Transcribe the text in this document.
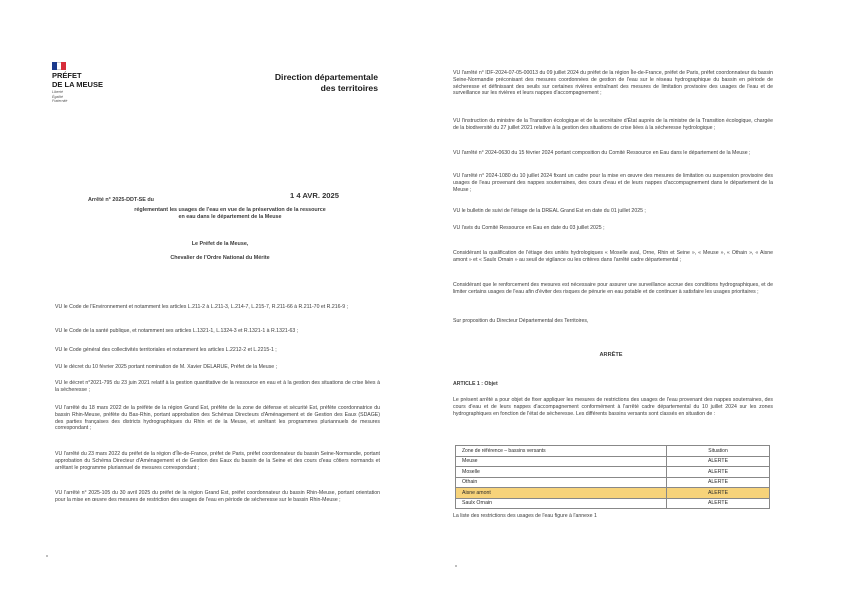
PRÉFET
DE LA MEUSE
Liberté
Égalité
Fraternité
Direction départementale
des territoires
Arrêté n° 2025-DDT-SE du	1 4 AVR. 2025
réglementant les usages de l'eau en vue de la préservation de la ressource
en eau dans le département de la Meuse
Le Préfet de la Meuse,
Chevalier de l'Ordre National du Mérite
VU le Code de l'Environnement et notamment les articles L.211-2 à L.211-3, L.214-7, L.215-7, R.211-66 à R.211-70 et R.216-9 ;
VU le Code de la santé publique, et notamment ses articles L.1321-1, L.1324-3 et R.1321-1 à R.1321-63 ;
VU le Code général des collectivités territoriales et notamment les articles L.2212-2 et L.2215-1 ;
VU le décret du 10 février 2025 portant nomination de M. Xavier DELARUE, Préfet de la Meuse ;
VU le décret n°2021-795 du 23 juin 2021 relatif à la gestion quantitative de la ressource en eau et à la gestion des situations de crise liées à la sécheresse ;
VU l'arrêté du 18 mars 2022 de la préfète de la région Grand Est, préfète de la zone de défense et sécurité Est, préfète coordonnatrice du bassin Rhin-Meuse, préfète du Bas-Rhin, portant approbation des Schémas Directeurs d'Aménagement et de Gestion des Eaux (SDAGE) des parties françaises des districts hydrographiques du Rhin et de la Meuse, et arrêtant les programmes pluriannuels de mesures correspondant ;
VU l'arrêté du 23 mars 2022 du préfet de la région d'Île-de-France, préfet de Paris, préfet coordonnateur du bassin Seine-Normandie, portant approbation du Schéma Directeur d'Aménagement et de Gestion des Eaux du bassin de la Seine et des cours d'eau côtiers normands et arrêtant le programme pluriannuel de mesures correspondant ;
VU l'arrêté n° 2025-105 du 30 avril 2025 du préfet de la région Grand Est, préfet coordonnateur du bassin Rhin-Meuse, portant orientation pour la mise en œuvre des mesures de restriction des usages de l'eau en période de sécheresse sur le bassin Rhin-Meuse ;
VU l'arrêté n° IDF-2024-07-05-00013 du 09 juillet 2024 du préfet de la région Île-de-France, préfet de Paris, préfet coordonnateur du bassin Seine-Normandie préconisant des mesures coordonnées de gestion de l'eau sur le réseau hydrographique du bassin en période de sécheresse et définissant des seuils sur certaines rivières entraînant des mesures de limitation provisoire des usages de l'eau et de surveillance sur les rivières et leurs nappes d'accompagnement ;
VU l'instruction du ministre de la Transition écologique et de la secrétaire d'État auprès de la ministre de la Transition écologique, chargée de la biodiversité du 27 juillet 2021 relative à la gestion des situations de crise liées à la sécheresse hydrologique ;
VU l'arrêté n° 2024-0630 du 15 février 2024 portant composition du Comité Ressource en Eau dans le département de la Meuse ;
VU l'arrêté n° 2024-1080 du 10 juillet 2024 fixant un cadre pour la mise en œuvre des mesures de limitation ou suspension provisoire des usages de l'eau provenant des nappes souterraines, des cours d'eau et de leurs nappes d'accompagnement dans le département de la Meuse ;
VU le bulletin de suivi de l'étiage de la DREAL Grand Est en date du 01 juillet 2025 ;
VU l'avis du Comité Ressource en Eau en date du 03 juillet 2025 ;
Considérant la qualification de l'étiage des unités hydrologiques « Moselle aval, Orne, Rhin et Seine », « Meuse », « Othain », « Aisne amont » et « Saulx Ornain » au seuil de vigilance ou les critères dans l'arrêté cadre départemental ;
Considérant que le renforcement des mesures est nécessaire pour assurer une surveillance accrue des conditions hydrographiques, et de limiter certains usages de l'eau afin d'éviter des risques de pénurie en eau potable et de continuer à satisfaire les usages prioritaires ;
Sur proposition du Directeur Départemental des Territoires,
ARRÊTE
ARTICLE 1 : Objet
Le présent arrêté a pour objet de fixer appliquer les mesures de restrictions des usages de l'eau provenant des nappes souterraines, des cours d'eau et de leurs nappes d'accompagnement conformément à l'arrêté cadre départemental du 10 juillet 2024 sur les zones hydrographiques en fonction de l'état de sécheresse. Les différents bassins versants sont classés en situation de :
La liste des restrictions des usages de l'eau figure à l'annexe 1
Zone de référence – bassins versants	Situation
Meuse	ALERTE
Moselle	ALERTE
Othain	ALERTE
Aisne amont	ALERTE
Saulx Ornain	ALERTE
